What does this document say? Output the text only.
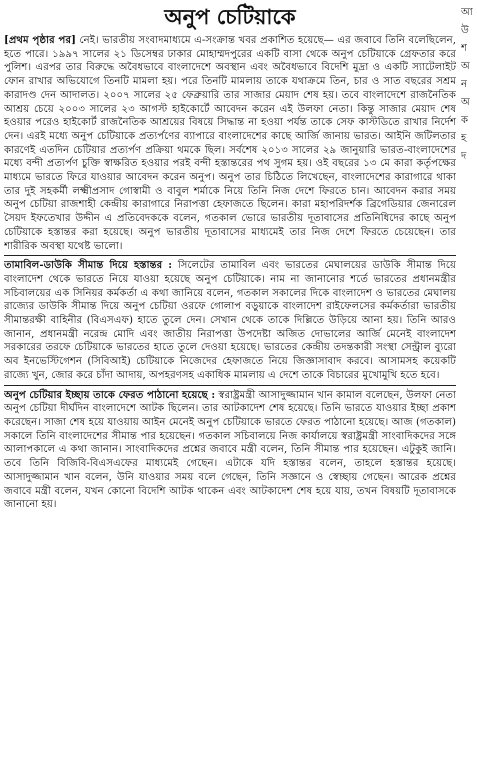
অনুপ চেটিয়াকে

[প্রথম পৃষ্ঠার পর] নেই। ভারতীয় সংবাদমাধ্যমে এ-সংক্রান্ত খবর প্রকাশিত হয়েছে— এর জবাবে তিনি বলেছিলেন, হতে পারে। ১৯৯৭ সালের ২১ ডিসেম্বর ঢাকার মোহাম্মদপুরের একটি বাসা থেকে অনুপ চেটিয়াকে গ্রেফতার করে পুলিশ। এরপর তার বিরুদ্ধে অবৈধভাবে বাংলাদেশে অবস্থান এবং অবৈধভাবে বিদেশি মুদ্রা ও একটি স্যাটেলাইট ফোন রাখার অভিযোগে তিনটি মামলা হয়। পরে তিনটি মামলায় তাকে যথাক্রমে তিন, চার ও সাত বছরের সশ্রম কারাদণ্ড দেন আদালত। ২০০৭ সালের ২৫ ফেব্রুয়ারি তার সাজার মেয়াদ শেষ হয়। তবে বাংলাদেশে রাজনৈতিক আশ্রয় চেয়ে ২০০৩ সালের ২৩ আগস্ট হাইকোর্টে আবেদন করেন এই উলফা নেতা। কিন্তু সাজার মেয়াদ শেষ হওয়ার পরেও হাইকোর্ট রাজনৈতিক আশ্রয়ের বিষয়ে সিদ্ধান্ত না হওয়া পর্যন্ত তাকে সেফ কাস্টডিতে রাখার নির্দেশ দেন। এরই মধ্যে অনুপ চেটিয়াকে প্রত্যর্পণের ব্যাপারে বাংলাদেশের কাছে আর্জি জানায় ভারত। আইনি জটিলতার কারণেই এতদিন চেটিয়ার প্রত্যর্পণ প্রক্রিয়া থমকে ছিল। সর্বশেষ ২০১৩ সালের ২৯ জানুয়ারি ভারত-বাংলাদেশের মধ্যে বন্দী প্রত্যর্পণ চুক্তি স্বাক্ষরিত হওয়ার পরই বন্দী হস্তান্তরের পথ সুগম হয়। ওই বছরের ১৩ মে কারা কর্তৃপক্ষের মাধ্যমে ভারতে ফিরে যাওয়ার আবেদন করেন অনুপ। অনুপ তার চিঠিতে লিখেছেন, বাংলাদেশের কারাগারে থাকা তার দুই সহকর্মী লক্ষ্মীপ্রসাদ গোস্বামী ও বাবুল শর্মাকে নিয়ে তিনি নিজ দেশে ফিরতে চান। আবেদন করার সময় অনুপ চেটিয়া রাজশাহী কেন্দ্রীয় কারাগারে নিরাপত্তা হেফাজতে ছিলেন। কারা মহাপরিদর্শক ব্রিগেডিয়ার জেনারেল সৈয়দ ইফতেখার উদ্দীন এ প্রতিবেদককে বলেন, গতকাল ভোরে ভারতীয় দূতাবাসের প্রতিনিধিদের কাছে অনুপ চেটিয়াকে হস্তান্তর করা হয়েছে। অনুপ ভারতীয় দূতাবাসের মাধ্যমেই তার নিজ দেশে ফিরতে চেয়েছেন। তার শারীরিক অবস্থা যথেষ্ট ভালো।

তামাবিল-ডাউকি সীমান্ত দিয়ে হস্তান্তর : সিলেটের তামাবিল এবং ভারতের মেঘালয়ের ডাউকি সীমান্ত দিয়ে বাংলাদেশ থেকে ভারতে নিয়ে যাওয়া হয়েছে অনুপ চেটিয়াকে। নাম না জানানোর শর্তে ভারতের প্রধানমন্ত্রীর সচিবালয়ের এক সিনিয়র কর্মকর্তা এ কথা জানিয়ে বলেন, গতকাল সকালের দিকে বাংলাদেশ ও ভারতের মেঘালয় রাজ্যের ডাউকি সীমান্ত দিয়ে অনুপ চেটিয়া ওরফে গোলাপ বড়ুয়াকে বাংলাদেশ রাইফেলসের কর্মকর্তারা ভারতীয় সীমান্তরক্ষী বাহিনীর (বিএসএফ) হাতে তুলে দেন। সেখান থেকে তাকে দিল্লিতে উড়িয়ে আনা হয়। তিনি আরও জানান, প্রধানমন্ত্রী নরেন্দ্র মোদি এবং জাতীয় নিরাপত্তা উপদেষ্টা অজিত দোভালের আর্জি মেনেই বাংলাদেশ সরকারের তরফে চেটিয়াকে ভারতের হাতে তুলে দেওয়া হয়েছে। ভারতের কেন্দ্রীয় তদন্তকারী সংস্থা সেন্ট্রাল ব্যুরো অব ইনভেস্টিগেশন (সিবিআই) চেটিয়াকে নিজেদের হেফাজতে নিয়ে জিজ্ঞাসাবাদ করবে। আসামসহ কয়েকটি রাজ্যে খুন, জোর করে চাঁদা আদায়, অপহরণসহ একাধিক মামলায় এ দেশে তাকে বিচারের মুখোমুখি হতে হবে।

অনুপ চেটিয়ার ইচ্ছায় তাকে ফেরত পাঠানো হয়েছে : স্বরাষ্ট্রমন্ত্রী আসাদুজ্জামান খান কামাল বলেছেন, উলফা নেতা অনুপ চেটিয়া দীর্ঘদিন বাংলাদেশে আটক ছিলেন। তার আটকাদেশ শেষ হয়েছে। তিনি ভারতে যাওয়ার ইচ্ছা প্রকাশ করেছেন। সাজা শেষ হয়ে যাওয়ায় আইন মেনেই অনুপ চেটিয়াকে ভারতে ফেরত পাঠানো হয়েছে। আজ (গতকাল) সকালে তিনি বাংলাদেশের সীমান্ত পার হয়েছেন। গতকাল সচিবালয়ে নিজ কার্যালয়ে স্বরাষ্ট্রমন্ত্রী সাংবাদিকদের সঙ্গে আলাপকালে এ কথা জানান। সাংবাদিকদের প্রশ্নের জবাবে মন্ত্রী বলেন, তিনি সীমান্ত পার হয়েছেন। এটুকুই জানি। তবে তিনি বিজিবি-বিএসএফের মাধ্যমেই গেছেন। এটাকে যদি হস্তান্তর বলেন, তাহলে হস্তান্তর হয়েছে। আসাদুজ্জামান খান বলেন, উনি যাওয়ার সময় বলে গেছেন, তিনি সজ্ঞানে ও স্বেচ্ছায় গেছেন। আরেক প্রশ্নের জবাবে মন্ত্রী বলেন, যখন কোনো বিদেশি আটক থাকেন এবং আটকাদেশ শেষ হয়ে যায়, তখন বিষয়টি দূতাবাসকে জানানো হয়।

আ
উ
শ
অ
ন
অ
ক
হ
দ
